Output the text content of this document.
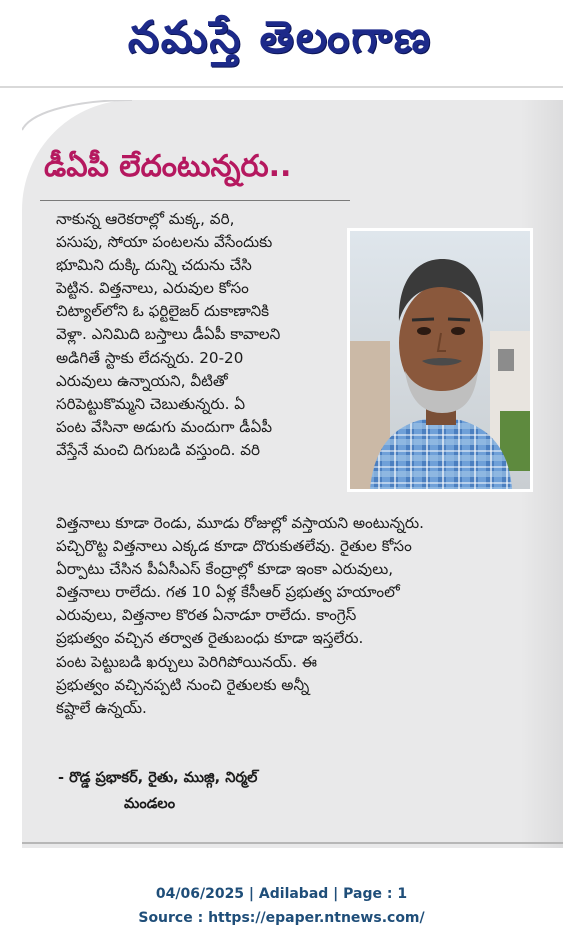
నమస్తే తెలంగాణ
డీఏపీ లేదంటున్నరు..
నాకున్న ఆరెకరాల్లో మక్క, వరి,
పసుపు, సోయా పంటలను వేసేందుకు
భూమిని దుక్కి దున్ని చదును చేసి
పెట్టిన. విత్తనాలు, ఎరువుల కోసం
చిట్యాల్‌లోని ఓ ఫర్టిలైజర్ దుకాణానికి
వెళ్లా. ఎనిమిది బస్తాలు డీఏపీ కావాలని
అడిగితే స్టాకు లేదన్నరు. 20-20
ఎరువులు ఉన్నాయని, వీటితో
సరిపెట్టుకొమ్మని చెబుతున్నరు. ఏ
పంట వేసినా అడుగు మందుగా డీఏపీ
వేస్తేనే మంచి దిగుబడి వస్తుంది. వరి
విత్తనాలు కూడా రెండు, మూడు రోజుల్లో వస్తాయని అంటున్నరు.
పచ్చిరొట్ట విత్తనాలు ఎక్కడ కూడా దొరుకుతలేవు. రైతుల కోసం
ఏర్పాటు చేసిన పీఏసీఎస్ కేంద్రాల్లో కూడా ఇంకా ఎరువులు,
విత్తనాలు రాలేదు. గత 10 ఏళ్ల కేసీఆర్ ప్రభుత్వ హయాంలో
ఎరువులు, విత్తనాల కొరత ఏనాడూ రాలేదు. కాంగ్రెస్
ప్రభుత్వం వచ్చిన తర్వాత రైతుబంధు కూడా ఇస్తలేరు.
పంట పెట్టుబడి ఖర్చులు పెరిగిపోయినయ్. ఈ
ప్రభుత్వం వచ్చినప్పటి నుంచి రైతులకు అన్నీ
కష్టాలే ఉన్నయ్.
- రొడ్డ ప్రభాకర్, రైతు, ముజ్గి, నిర్మల్
మండలం
04/06/2025 | Adilabad | Page : 1
Source : https://epaper.ntnews.com/
